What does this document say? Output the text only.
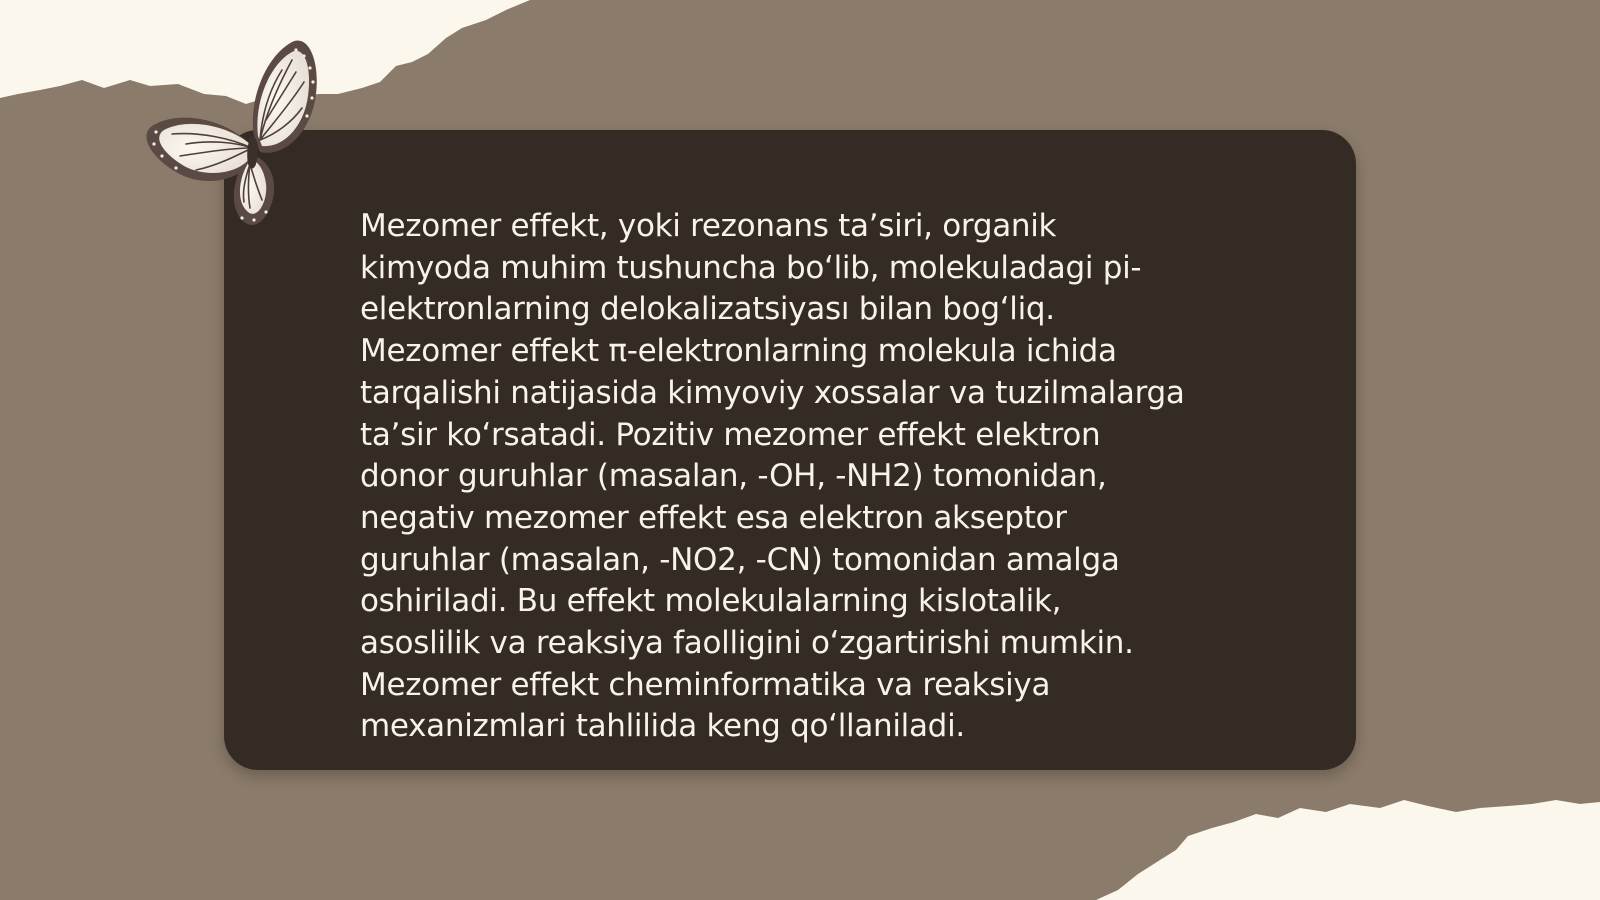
Mezomer effekt, yoki rezonans ta’siri, organik
kimyoda muhim tushuncha bo‘lib, molekuladagi pi-
elektronlarning delokalizatsiyası bilan bog‘liq.
Mezomer effekt π-elektronlarning molekula ichida
tarqalishi natijasida kimyoviy xossalar va tuzilmalarga
ta’sir ko‘rsatadi. Pozitiv mezomer effekt elektron
donor guruhlar (masalan, -OH, -NH2) tomonidan,
negativ mezomer effekt esa elektron akseptor
guruhlar (masalan, -NO2, -CN) tomonidan amalga
oshiriladi. Bu effekt molekulalarning kislotalik,
asoslilik va reaksiya faolligini o‘zgartirishi mumkin.
Mezomer effekt cheminformatika va reaksiya
mexanizmlari tahlilida keng qo‘llaniladi.
